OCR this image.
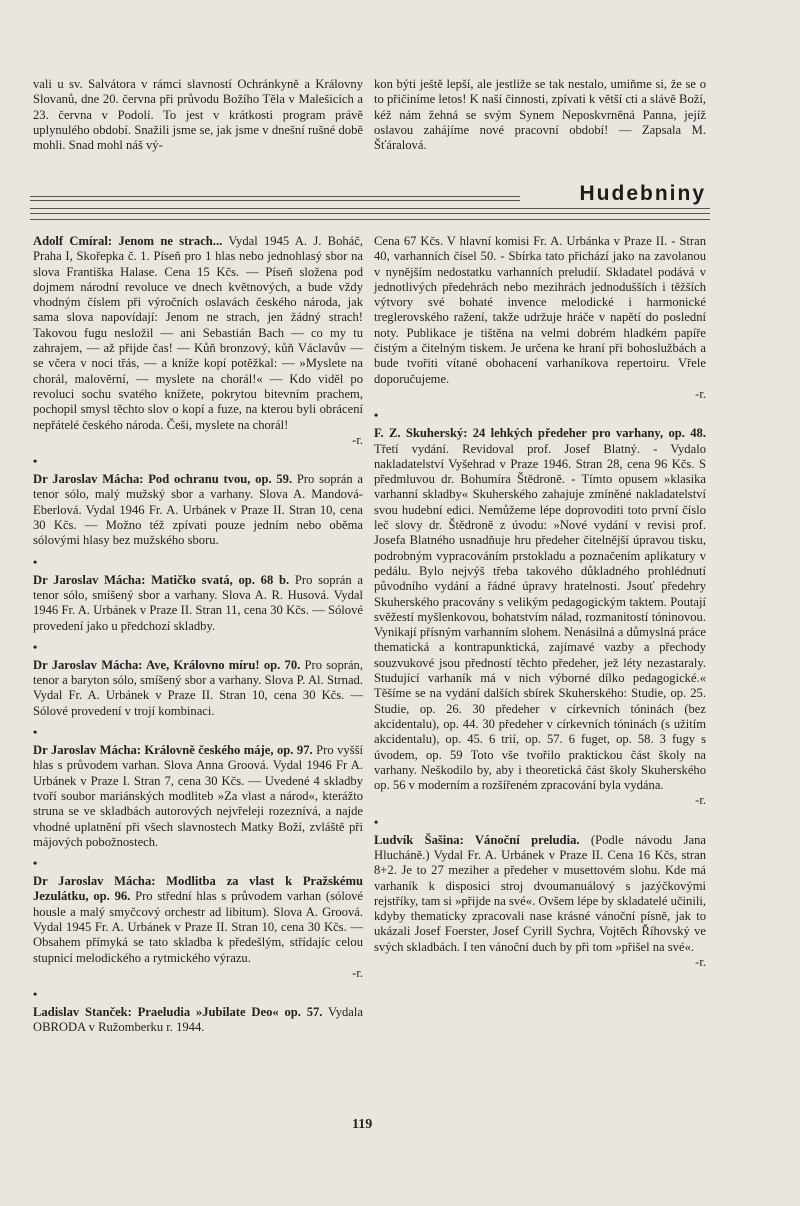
vali u sv. Salvátora v rámci slavností Ochránkyně a Královny Slovanů, dne 20. června při průvodu Božího Těla v Malešicích a 23. června v Podolí. To jest v krátkosti program právě uplynulého období. Snažili jsme se, jak jsme v dnešní rušné době mohli. Snad mohl náš vý-

kon býti ještě lepší, ale jestliže se tak nestalo, umiňme si, že se o to přičiníme letos! K naší činnosti, zpívati k větší cti a slávě Boží, kéž nám žehná se svým Synem Neposkvrněná Panna, jejíž oslavou zahájíme nové pracovní období! — Zapsala M. Šťáralová.

Hudebniny
Adolf Cmíral: Jenom ne strach... Vydal 1945 A. J. Boháč, Praha I, Skořepka č. 1. Píseň pro 1 hlas nebo jednohlasý sbor na slova Františka Halase. Cena 15 Kčs. — Píseň složena pod dojmem národní revoluce ve dnech květnových, a bude vždy vhodným číslem při výročních oslavách českého národa, jak sama slova napovídají: Jenom ne strach, jen žádný strach! Takovou fugu nesložil — ani Sebastián Bach — co my tu zahrajem, — až přijde čas! — Kůň bronzový, kůň Václavův — se včera v noci třás, — a kníže kopí potěžkal: — »Myslete na chorál, malověrní, — myslete na chorál!« — Kdo viděl po revoluci sochu svatého knížete, pokrytou bitevním prachem, pochopil smysl těchto slov o kopí a fuze, na kterou byli obrácení nepřátelé českého národa. Češi, myslete na chorál!
-r.
•
Dr Jaroslav Mácha: Pod ochranu tvou, op. 59. Pro soprán a tenor sólo, malý mužský sbor a varhany. Slova A. Mandová-Eberlová. Vydal 1946 Fr. A. Urbánek v Praze II. Stran 10, cena 30 Kčs. — Možno též zpívati pouze jedním nebo oběma sólovými hlasy bez mužského sboru.
•
Dr Jaroslav Mácha: Matičko svatá, op. 68 b. Pro soprán a tenor sólo, smíšený sbor a varhany. Slova A. R. Husová. Vydal 1946 Fr. A. Urbánek v Praze II. Stran 11, cena 30 Kčs. — Sólové provedení jako u předchozí skladby.
•
Dr Jaroslav Mácha: Ave, Královno míru! op. 70. Pro soprán, tenor a baryton sólo, smíšený sbor a varhany. Slova P. Al. Strnad. Vydal Fr. A. Urbánek v Praze II. Stran 10, cena 30 Kčs. — Sólové provedení v trojí kombinaci.
•
Dr Jaroslav Mácha: Královně českého máje, op. 97. Pro vyšší hlas s průvodem varhan. Slova Anna Groová. Vydal 1946 Fr A. Urbánek v Praze I. Stran 7, cena 30 Kčs. — Uvedené 4 skladby tvoří soubor mariánských modliteb »Za vlast a národ«, kterážto struna se ve skladbách autorových nejvřeleji rozeznívá, a najde vhodné uplatnění při všech slavnostech Matky Boží, zvláště při májových pobožnostech.
•
Dr Jaroslav Mácha: Modlitba za vlast k Pražskému Jezulátku, op. 96. Pro střední hlas s průvodem varhan (sólové housle a malý smyčcový orchestr ad libitum). Slova A. Groová. Vydal 1945 Fr. A. Urbánek v Praze II. Stran 10, cena 30 Kčs. — Obsahem přímyká se tato skladba k předešlým, střídajíc celou stupnicí melodického a rytmického výrazu.
-r.
•
Ladislav Stanček: Praeludia »Jubilate Deo« op. 57. Vydala OBRODA v Ružomberku r. 1944.
Cena 67 Kčs. V hlavní komisi Fr. A. Urbánka v Praze II. - Stran 40, varhanních čísel 50. - Sbírka tato přichází jako na zavolanou v nynějším nedostatku varhanních preludií. Skladatel podává v jednotlivých předehrách nebo mezihrách jednodušších i těžších výtvory své bohaté invence melodické i harmonické treglerovského ražení, takže udržuje hráče v napětí do poslední noty. Publikace je tištěna na velmi dobrém hladkém papíře čistým a čitelným tiskem. Je určena ke hraní při bohoslužbách a bude tvořiti vítané obohacení varhaníkova repertoiru. Vřele doporučujeme.
-r.
•
F. Z. Skuherský: 24 lehkých předeher pro varhany, op. 48. Třetí vydání. Revidoval prof. Josef Blatný. - Vydalo nakladatelství Vyšehrad v Praze 1946. Stran 28, cena 96 Kčs. S předmluvou dr. Bohumíra Štědroně. - Tímto opusem »klasika varhanní skladby« Skuherského zahajuje zmíněné nakladatelství svou hudební edici. Nemůžeme lépe doprovoditi toto první číslo leč slovy dr. Štědroně z úvodu: »Nové vydání v revisi prof. Josefa Blatného usnadňuje hru předeher čitelnější úpravou tisku, podrobným vypracováním prstokladu a poznačením aplikatury v pedálu. Bylo nejvýš třeba takového důkladného prohlédnutí původního vydání a řádné úpravy hratelnosti. Jsouť předehry Skuherského pracovány s velikým pedagogickým taktem. Poutají svěžestí myšlenkovou, bohatstvím nálad, rozmanitostí tóninovou. Vynikají přísným varhanním slohem. Nenásilná a důmyslná práce thematická a kontrapunktická, zajímavé vazby a přechody souzvukové jsou předností těchto předeher, jež léty nezastaraly. Studující varhaník má v nich výborné dílko pedagogické.« Těšíme se na vydání dalších sbírek Skuherského: Studie, op. 25. Studie, op. 26. 30 předeher v církevních tóninách (bez akcidentalu), op. 44. 30 předeher v církevních tóninách (s užitím akcidentalu), op. 45. 6 trií, op. 57. 6 fuget, op. 58. 3 fugy s úvodem, op. 59 Toto vše tvořilo praktickou část školy na varhany. Neškodilo by, aby i theoretická část školy Skuherského op. 56 v moderním a rozšířeném zpracování byla vydána.
-r.
•
Ludvík Šašina: Vánoční preludia. (Podle návodu Jana Hlucháně.) Vydal Fr. A. Urbánek v Praze II. Cena 16 Kčs, stran 8+2. Je to 27 meziher a předeher v musettovém slohu. Kde má varhaník k disposici stroj dvoumanuálový s jazýčkovými rejstříky, tam si »přijde na své«. Ovšem lépe by skladatelé učinili, kdyby thematicky zpracovali nase krásné vánoční písně, jak to ukázali Josef Foerster, Josef Cyrill Sychra, Vojtěch Říhovský ve svých skladbách. I ten vánoční duch by při tom »přišel na své«.
-r.
119
